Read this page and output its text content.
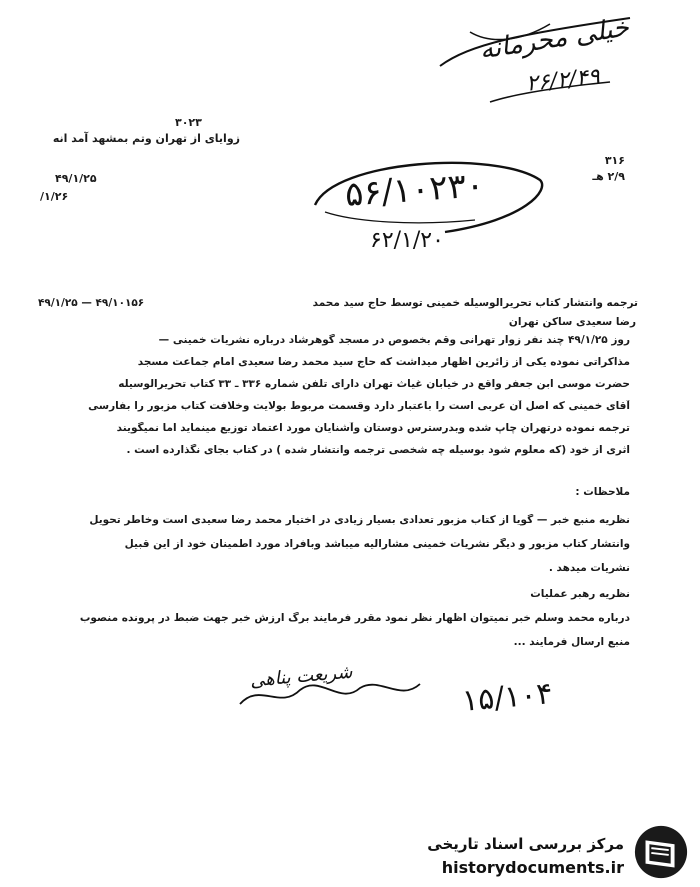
خیلی محرمانه
۲۶/۲/۴۹
۳۰۲۳
زوایای از تهران وتم بمشهد آمد انه
۴۹/۱/۲۵
/۱/۲۶
۳۱۶
۲/۹ هـ
۵۶/۱۰۲۳۰
۶۲/۱/۲۰
ترجمه وانتشار کتاب تحریرالوسیله خمینی توسط حاج سید محمد
۴۹/۱/۲۵ — ۴۹/۱۰۱۵۶
رضا سعیدی ساکن تهران
روز ۴۹/۱/۲۵ چند نفر زوار تهرانی وقم بخصوص در مسجد گوهرشاد درباره نشریات خمینی —
مذاکراتی نموده یکی از زائرین اظهار میداشت که حاج سید محمد رضا سعیدی امام جماعت مسجد
حضرت موسی ابن جعفر واقع در خیابان غیاث تهران دارای تلفن شماره ۳۳۶ ـ ۳۳ کتاب تحریرالوسیله
آقای خمینی که اصل آن عربی است را باعتبار دارد وقسمت مربوط بولایت وخلافت کتاب مزبور را بفارسی
ترجمه نموده درتهران چاپ شده وبدرسترس دوستان وآشنایان مورد اعتماد توزیع مینماید اما نمیگویند
اثری از خود (که معلوم شود بوسیله چه شخصی ترجمه وانتشار شده ) در کتاب بجای نگذارده است .
ملاحظات :
نظریه منبع خبر — گویا از کتاب مزبور تعدادی بسیار زیادی در اختیار محمد رضا سعیدی است وخاطر تحویل
وانتشار کتاب مزبور و دیگر نشریات خمینی مشارالیه میباشد وبافراد مورد اطمینان خود از این قبیل
نشریات میدهد .
نظریه رهبر عملیات
درباره محمد وسلم خبر نمیتوان اظهار نظر نمود مقرر فرمایند برگ ارزش خبر جهت ضبط در پرونده منصوب
منبع ارسال فرمایند ...
شریعت پناهی	۱۵/۱۰۴
مرکز بررسی اسناد تاریخی
historydocuments.ir
